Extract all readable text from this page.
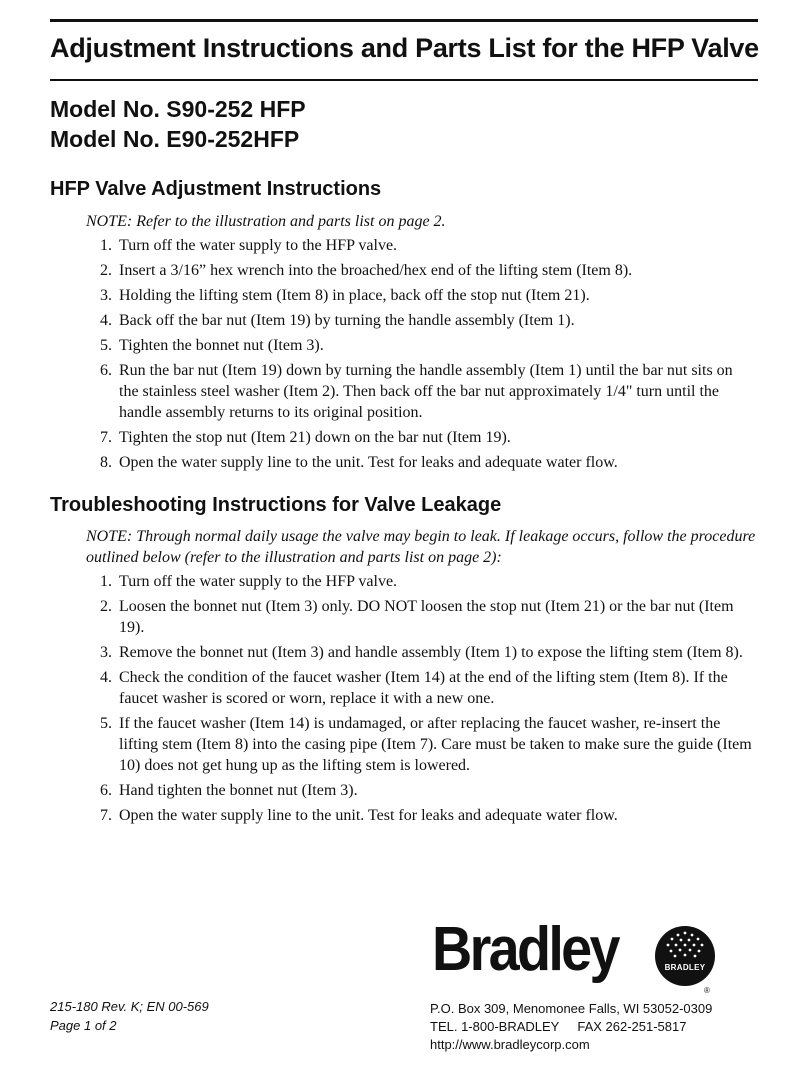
Adjustment Instructions and Parts List for the HFP Valve
Model No. S90-252 HFP
Model No. E90-252HFP
HFP Valve Adjustment Instructions
NOTE: Refer to the illustration and parts list on page 2.
1. Turn off the water supply to the HFP valve.
2. Insert a 3/16” hex wrench into the broached/hex end of the lifting stem (Item 8).
3. Holding the lifting stem (Item 8) in place, back off the stop nut (Item 21).
4. Back off the bar nut (Item 19) by turning the handle assembly (Item 1).
5. Tighten the bonnet nut (Item 3).
6. Run the bar nut (Item 19) down by turning the handle assembly (Item 1) until the bar nut sits on the stainless steel washer (Item 2). Then back off the bar nut approximately 1/4" turn until the handle assembly returns to its original position.
7. Tighten the stop nut (Item 21) down on the bar nut (Item 19).
8. Open the water supply line to the unit. Test for leaks and adequate water flow.
Troubleshooting Instructions for Valve Leakage
NOTE: Through normal daily usage the valve may begin to leak. If leakage occurs, follow the procedure outlined below (refer to the illustration and parts list on page 2):
1. Turn off the water supply to the HFP valve.
2. Loosen the bonnet nut (Item 3) only. DO NOT loosen the stop nut (Item 21) or the bar nut (Item 19).
3. Remove the bonnet nut (Item 3) and handle assembly (Item 1) to expose the lifting stem (Item 8).
4. Check the condition of the faucet washer (Item 14) at the end of the lifting stem (Item 8). If the faucet washer is scored or worn, replace it with a new one.
5. If the faucet washer (Item 14) is undamaged, or after replacing the faucet washer, re-insert the lifting stem (Item 8) into the casing pipe (Item 7). Care must be taken to make sure the guide (Item 10) does not get hung up as the lifting stem is lowered.
6. Hand tighten the bonnet nut (Item 3).
7. Open the water supply line to the unit. Test for leaks and adequate water flow.
Bradley	BRADLEY
®
215-180 Rev. K; EN 00-569
Page 1 of 2
P.O. Box 309, Menomonee Falls, WI 53052-0309
TEL. 1-800-BRADLEY FAX 262-251-5817
http://www.bradleycorp.com
